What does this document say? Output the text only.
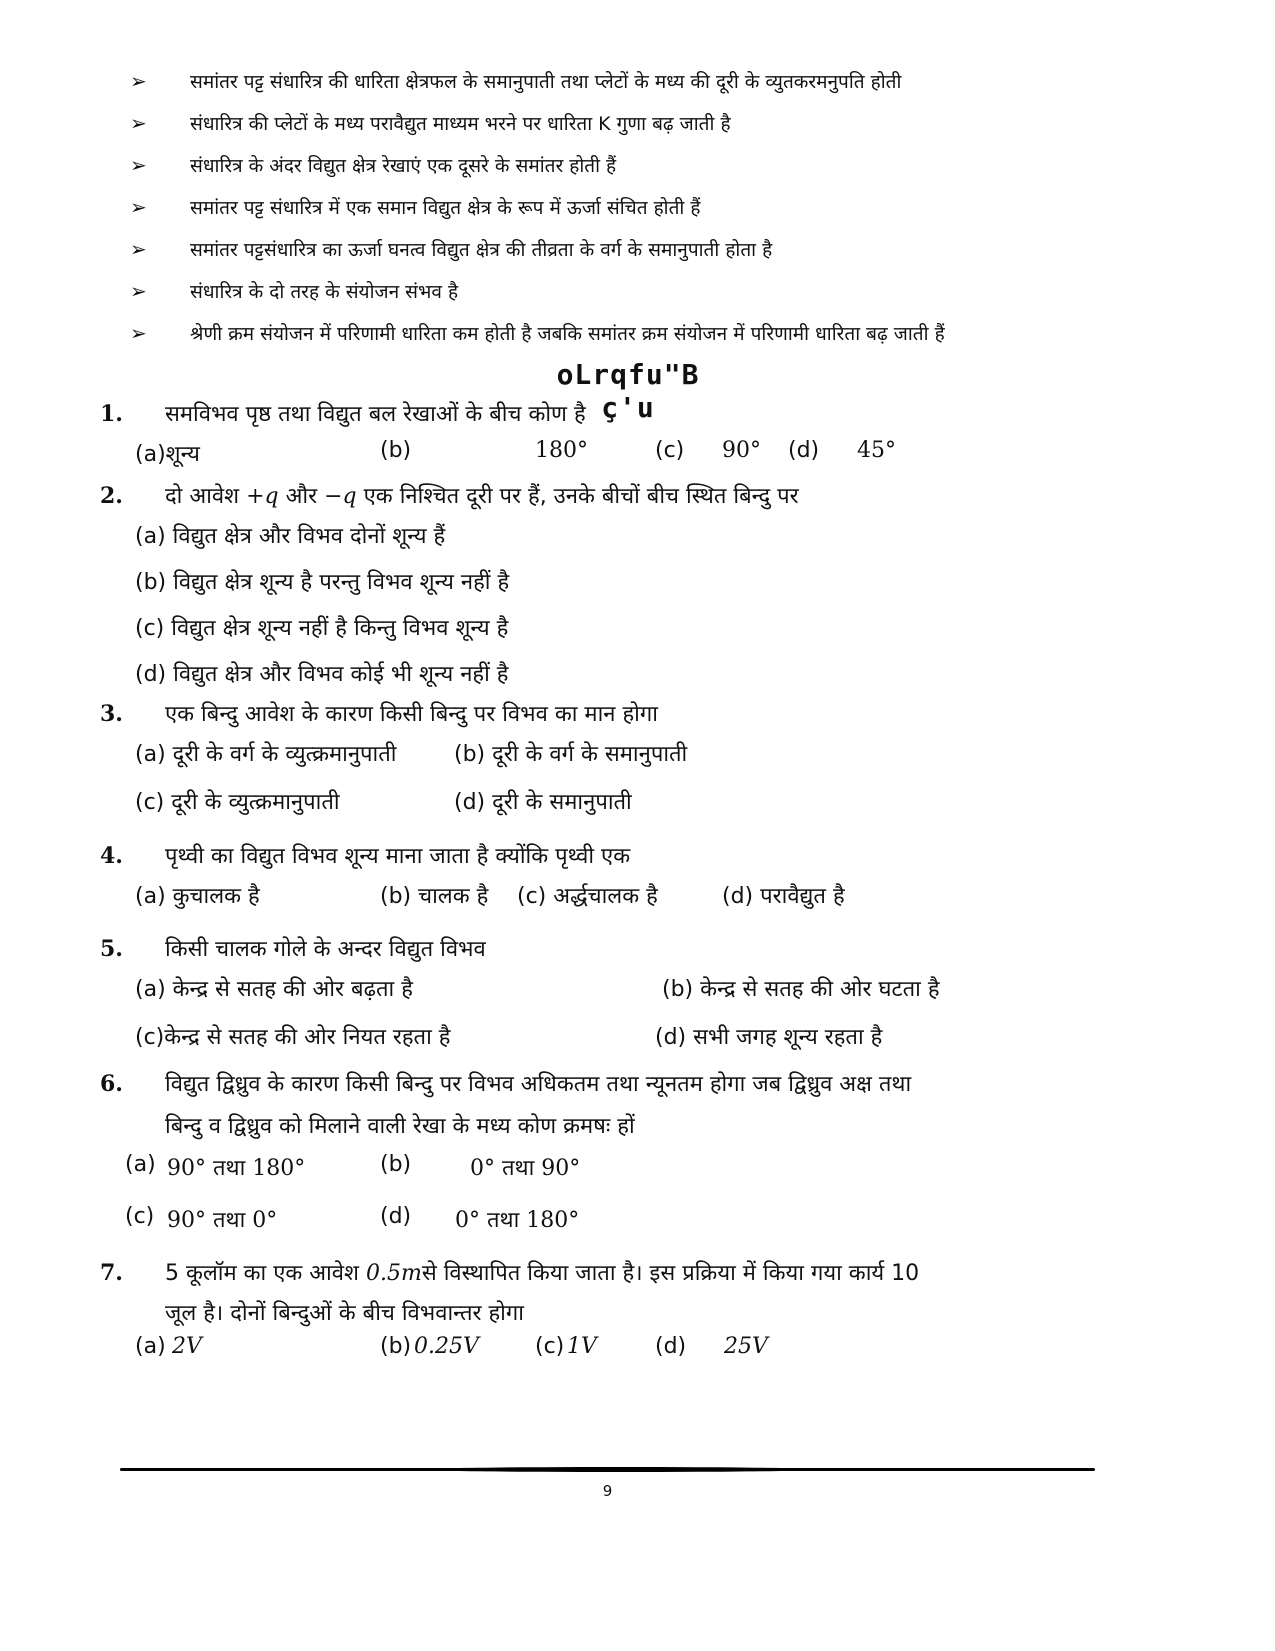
➢	समांतर पट्ट संधारित्र की धारिता क्षेत्रफल के समानुपाती तथा प्लेटों के मध्य की दूरी के व्युतकरमनुपति होती
➢	संधारित्र की प्लेटों के मध्य परावैद्युत माध्यम भरने पर धारिता K गुणा बढ़ जाती है
➢	संधारित्र के अंदर विद्युत क्षेत्र रेखाएं एक दूसरे के समांतर होती हैं
➢	समांतर पट्ट संधारित्र में एक समान विद्युत क्षेत्र के रूप में ऊर्जा संचित होती हैं
➢	समांतर पट्टसंधारित्र का ऊर्जा घनत्व विद्युत क्षेत्र की तीव्रता के वर्ग के समानुपाती होता है
➢	संधारित्र के दो तरह के संयोजन संभव है
➢	श्रेणी क्रम संयोजन में परिणामी धारिता कम होती है जबकि समांतर क्रम संयोजन में परिणामी धारिता बढ़ जाती हैं
oLrqfu"B ç'u
1.	समविभव पृष्ठ तथा विद्युत बल रेखाओं के बीच कोण है
(a)शून्य	(b)	180°	(c) 90° (d) 45°
2.	दो आवेश +q और −q एक निश्चित दूरी पर हैं, उनके बीचों बीच स्थित बिन्दु पर
(a) विद्युत क्षेत्र और विभव दोनों शून्य हैं
(b) विद्युत क्षेत्र शून्य है परन्तु विभव शून्य नहीं है
(c) विद्युत क्षेत्र शून्य नहीं है किन्तु विभव शून्य है
(d) विद्युत क्षेत्र और विभव कोई भी शून्य नहीं है
3.	एक बिन्दु आवेश के कारण किसी बिन्दु पर विभव का मान होगा
(a) दूरी के वर्ग के व्युत्क्रमानुपाती	(b) दूरी के वर्ग के समानुपाती
(c) दूरी के व्युत्क्रमानुपाती	(d) दूरी के समानुपाती
4.	पृथ्वी का विद्युत विभव शून्य माना जाता है क्योंकि पृथ्वी एक
(a) कुचालक है	(b) चालक है (c) अर्द्धचालक है	(d) परावैद्युत है
5.	किसी चालक गोले के अन्दर विद्युत विभव
(a) केन्द्र से सतह की ओर बढ़ता है	(b) केन्द्र से सतह की ओर घटता है
(c)केन्द्र से सतह की ओर नियत रहता है	(d) सभी जगह शून्य रहता है
6.	विद्युत द्विध्रुव के कारण किसी बिन्दु पर विभव अधिकतम तथा न्यूनतम होगा जब द्विध्रुव अक्ष तथा
बिन्दु व द्विध्रुव को मिलाने वाली रेखा के मध्य कोण क्रमषः हों
(a) 90° तथा 180°	(b)	0° तथा 90°
(c) 90° तथा 0°	(d) 0° तथा 180°
7.	5 कूलॉम का एक आवेश 0.5mसे विस्थापित किया जाता है। इस प्रक्रिया में किया गया कार्य 10
जूल है। दोनों बिन्दुओं के बीच विभवान्तर होगा
(a) 2V	(b) 0.25V	(c) 1V	(d) 25V
9
